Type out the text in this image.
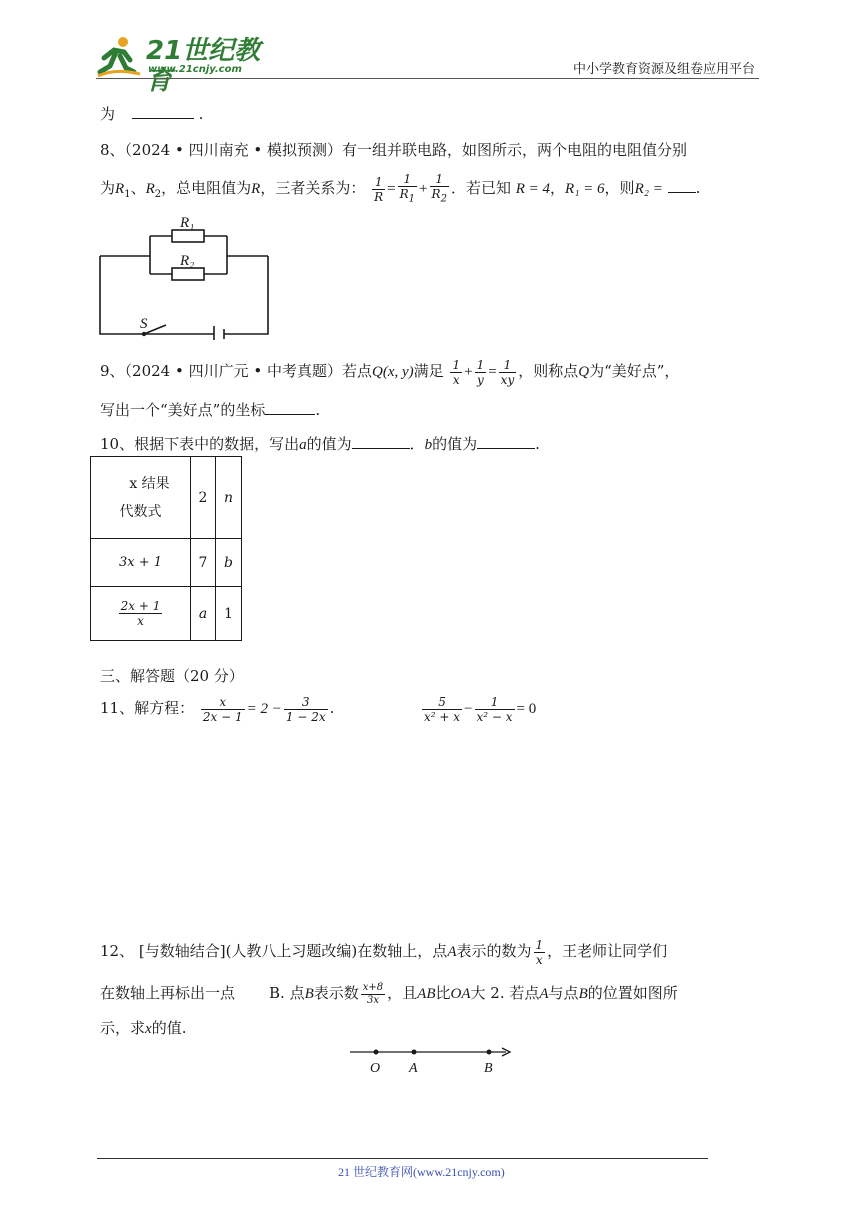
21世纪教育
www.21cnjy.com	中小学教育资源及组卷应用平台
为	.
8、（2024 • 四川南充 • 模拟预测）有一组并联电路，如图所示，两个电阻的电阻值分别
为$R_1$、$R_2$，总电阻值为R，三者关系为： $\frac{1}{R} = \frac{1}{R_1} + \frac{1}{R_2}$ ．若已知 R = 4，R₁ = 6，则R₂ = .
R₁
R₂
S
9、（2024 • 四川广元 • 中考真题）若点Q(x, y)满足 $\frac{1}{x} + \frac{1}{y} = \frac{1}{xy}$ ，则称点Q为“美好点”，
写出一个“美好点”的坐标	.
10、根据下表中的数据，写出a的值为	．b的值为	.
x 结果
代数式	2	n
3x + 1	7	b

$\frac{2x + 1}{x}$	a	1
三、解答题（20 分）
11、解方程： $\frac{x}{2x - 1} = 2 - \frac{3}{1 - 2x}$ .	$\frac{5}{\text{x² + x}} - \frac{1}{\text{x² − x}} = 0$
12、 [与数轴结合](人教八上习题改编)在数轴上，点A表示的数为 $\frac{1}{x}$ ，王老师让同学们
在数轴上再标出一点 B. 点B表示数 $\frac{x+8}{3x}$ ，且AB比OA大 2. 若点A与点B的位置如图所
示，求x的值.
O A	B
21 世纪教育网(www.21cnjy.com)
